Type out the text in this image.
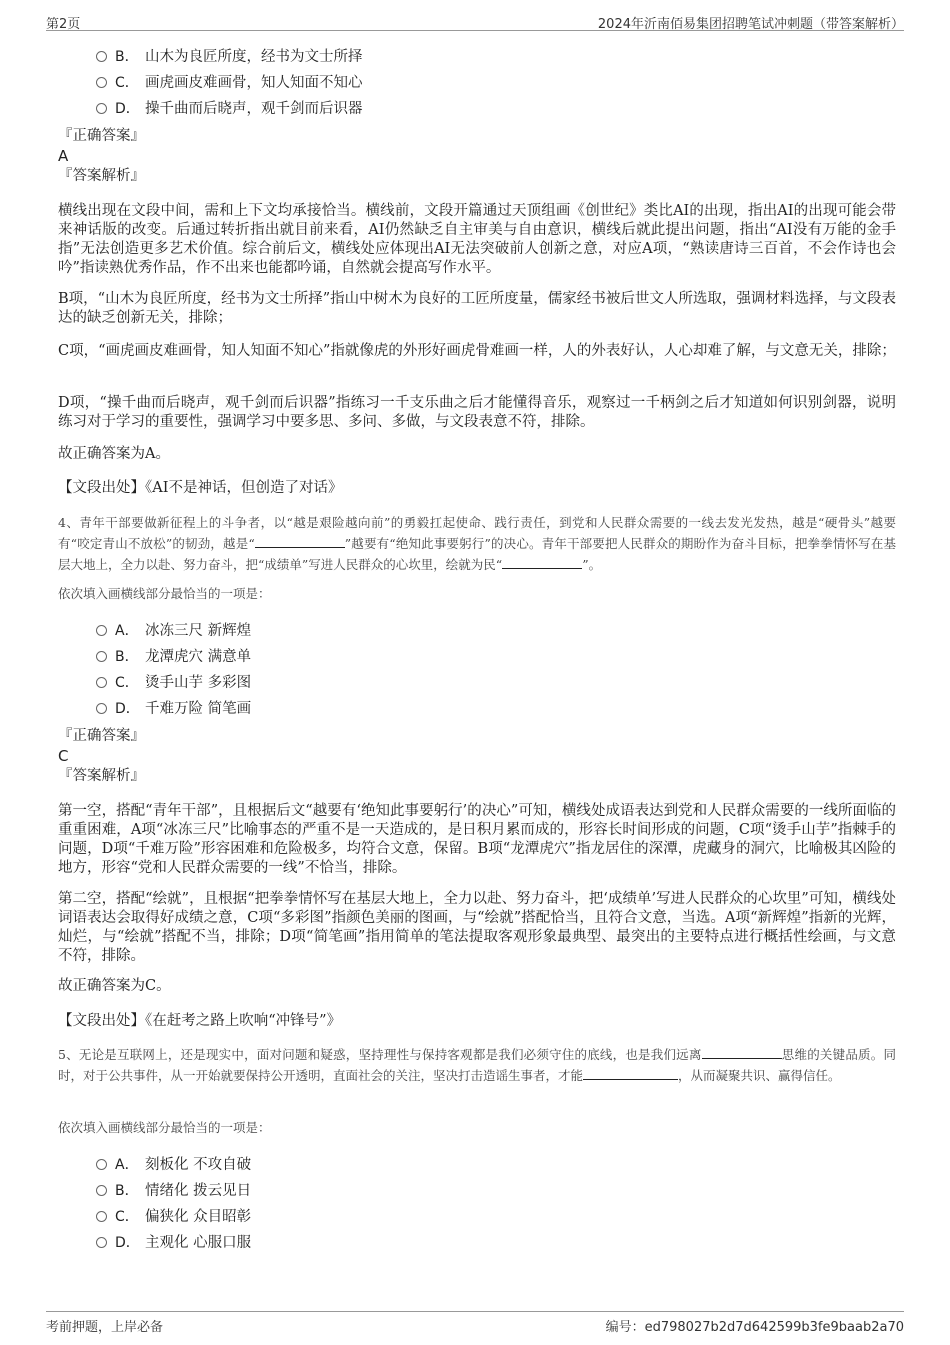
第2页	2024年沂南佰易集团招聘笔试冲刺题（带答案解析）
B． 山木为良匠所度，经书为文士所择
C． 画虎画皮难画骨，知人知面不知心
D． 操千曲而后晓声，观千剑而后识器
『正确答案』
A
『答案解析』
横线出现在文段中间，需和上下文均承接恰当。横线前，文段开篇通过天顶组画《创世纪》类比AI的出现，指出AI的出现可能会带来神话版的改变。后通过转折指出就目前来看，AI仍然缺乏自主审美与自由意识，横线后就此提出问题，指出“AI没有万能的金手指”无法创造更多艺术价值。综合前后文，横线处应体现出AI无法突破前人创新之意，对应A项，“熟读唐诗三百首，不会作诗也会吟”指读熟优秀作品，作不出来也能都吟诵，自然就会提高写作水平。
B项，“山木为良匠所度，经书为文士所择”指山中树木为良好的工匠所度量，儒家经书被后世文人所选取，强调材料选择，与文段表达的缺乏创新无关，排除；
C项，“画虎画皮难画骨，知人知面不知心”指就像虎的外形好画虎骨难画一样，人的外表好认，人心却难了解，与文意无关，排除；
D项，“操千曲而后晓声，观千剑而后识器”指练习一千支乐曲之后才能懂得音乐，观察过一千柄剑之后才知道如何识别剑器，说明练习对于学习的重要性，强调学习中要多思、多问、多做，与文段表意不符，排除。
故正确答案为A。
【文段出处】《AI不是神话，但创造了对话》
4、青年干部要做新征程上的斗争者，以“越是艰险越向前”的勇毅扛起使命、践行责任，到党和人民群众需要的一线去发光发热，越是“硬骨头”越要有“咬定青山不放松”的韧劲，越是“	”越要有“绝知此事要躬行”的决心。青年干部要把人民群众的期盼作为奋斗目标，把拳拳情怀写在基层大地上，全力以赴、努力奋斗，把“成绩单”写进人民群众的心坎里，绘就为民“	”。
依次填入画横线部分最恰当的一项是：
A． 冰冻三尺 新辉煌
B． 龙潭虎穴 满意单
C． 烫手山芋 多彩图
D． 千难万险 简笔画
『正确答案』
C
『答案解析』
第一空，搭配“青年干部”，且根据后文“越要有‘绝知此事要躬行’的决心”可知，横线处成语表达到党和人民群众需要的一线所面临的重重困难，A项“冰冻三尺”比喻事态的严重不是一天造成的，是日积月累而成的，形容长时间形成的问题，C项“烫手山芋”指棘手的问题，D项“千难万险”形容困难和危险极多，均符合文意，保留。B项“龙潭虎穴”指龙居住的深潭，虎藏身的洞穴，比喻极其凶险的地方，形容“党和人民群众需要的一线”不恰当，排除。
第二空，搭配“绘就”，且根据“把拳拳情怀写在基层大地上，全力以赴、努力奋斗，把‘成绩单’写进人民群众的心坎里”可知，横线处词语表达会取得好成绩之意，C项“多彩图”指颜色美丽的图画，与“绘就”搭配恰当，且符合文意，当选。A项“新辉煌”指新的光辉，灿烂，与“绘就”搭配不当，排除；D项“简笔画”指用简单的笔法提取客观形象最典型、最突出的主要特点进行概括性绘画，与文意不符，排除。
故正确答案为C。
【文段出处】《在赶考之路上吹响“冲锋号”》
5、无论是互联网上，还是现实中，面对问题和疑惑，坚持理性与保持客观都是我们必须守住的底线，也是我们远离	思维的关键品质。同时，对于公共事件，从一开始就要保持公开透明，直面社会的关注，坚决打击造谣生事者，才能	，从而凝聚共识、赢得信任。
依次填入画横线部分最恰当的一项是：
A． 刻板化 不攻自破
B． 情绪化 拨云见日
C． 偏狭化 众目昭彰
D． 主观化 心服口服
考前押题，上岸必备	编号：ed798027b2d7d642599b3fe9baab2a70
